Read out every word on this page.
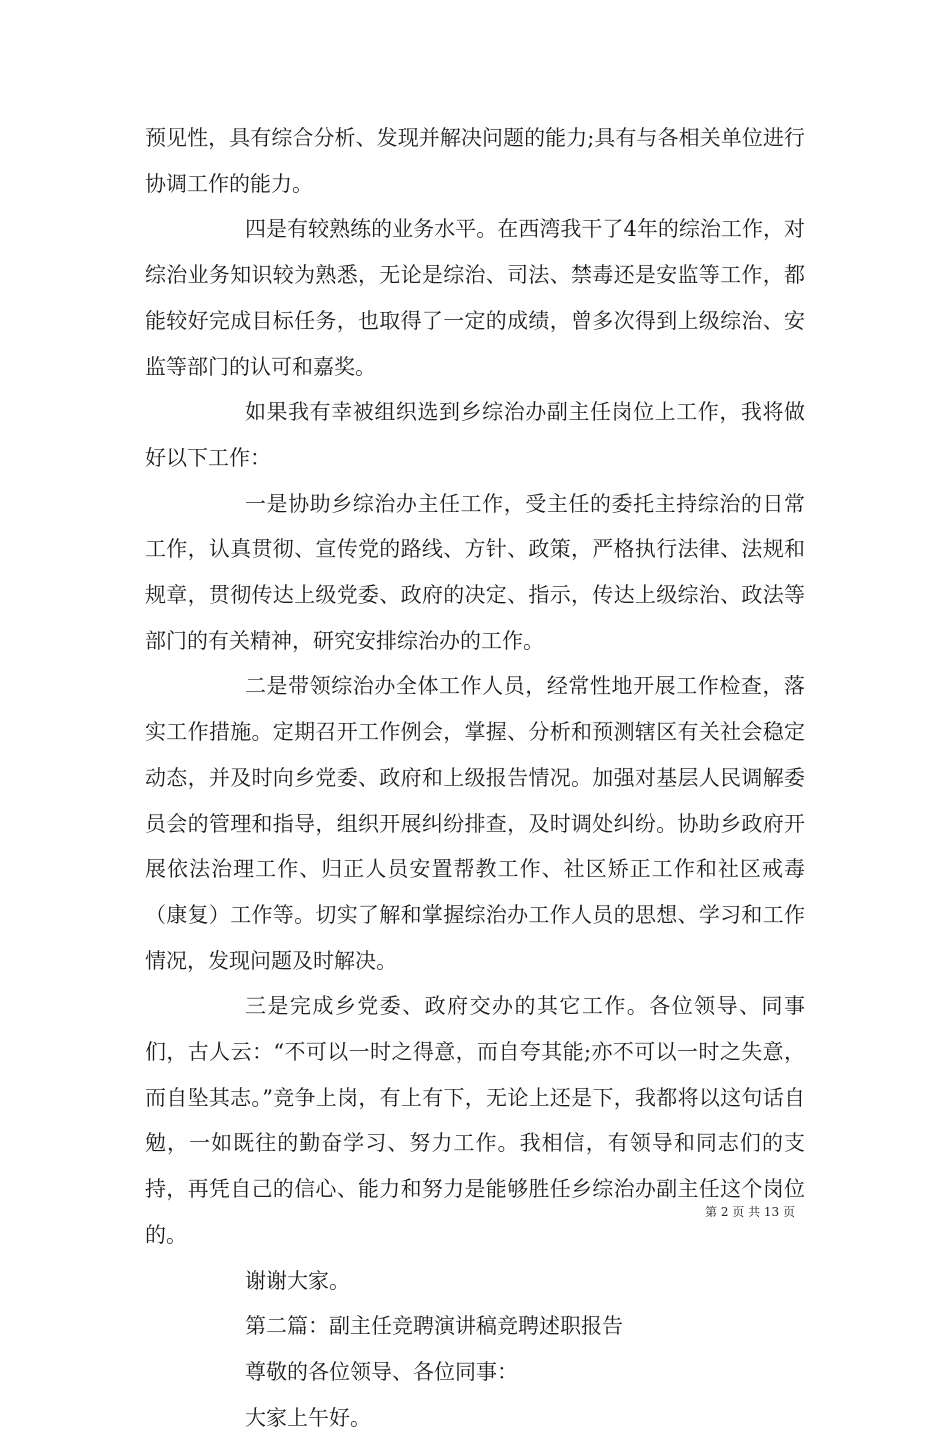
预见性，具有综合分析、发现并解决问题的能力;具有与各相关单位进行协调工作的能力。

四是有较熟练的业务水平。在西湾我干了4年的综治工作，对综治业务知识较为熟悉，无论是综治、司法、禁毒还是安监等工作，都能较好完成目标任务，也取得了一定的成绩，曾多次得到上级综治、安监等部门的认可和嘉奖。

如果我有幸被组织选到乡综治办副主任岗位上工作，我将做好以下工作：

一是协助乡综治办主任工作，受主任的委托主持综治的日常工作，认真贯彻、宣传党的路线、方针、政策，严格执行法律、法规和规章，贯彻传达上级党委、政府的决定、指示，传达上级综治、政法等部门的有关精神，研究安排综治办的工作。

二是带领综治办全体工作人员，经常性地开展工作检查，落实工作措施。定期召开工作例会，掌握、分析和预测辖区有关社会稳定动态，并及时向乡党委、政府和上级报告情况。加强对基层人民调解委员会的管理和指导，组织开展纠纷排查，及时调处纠纷。协助乡政府开展依法治理工作、归正人员安置帮教工作、社区矫正工作和社区戒毒（康复）工作等。切实了解和掌握综治办工作人员的思想、学习和工作情况，发现问题及时解决。

三是完成乡党委、政府交办的其它工作。各位领导、同事们，古人云：“不可以一时之得意，而自夸其能;亦不可以一时之失意，而自坠其志。”竞争上岗，有上有下，无论上还是下，我都将以这句话自勉，一如既往的勤奋学习、努力工作。我相信，有领导和同志们的支持，再凭自己的信心、能力和努力是能够胜任乡综治办副主任这个岗位的。

谢谢大家。

第二篇：副主任竞聘演讲稿竞聘述职报告

尊敬的各位领导、各位同事：

大家上午好。

第 2 页 共 13 页
